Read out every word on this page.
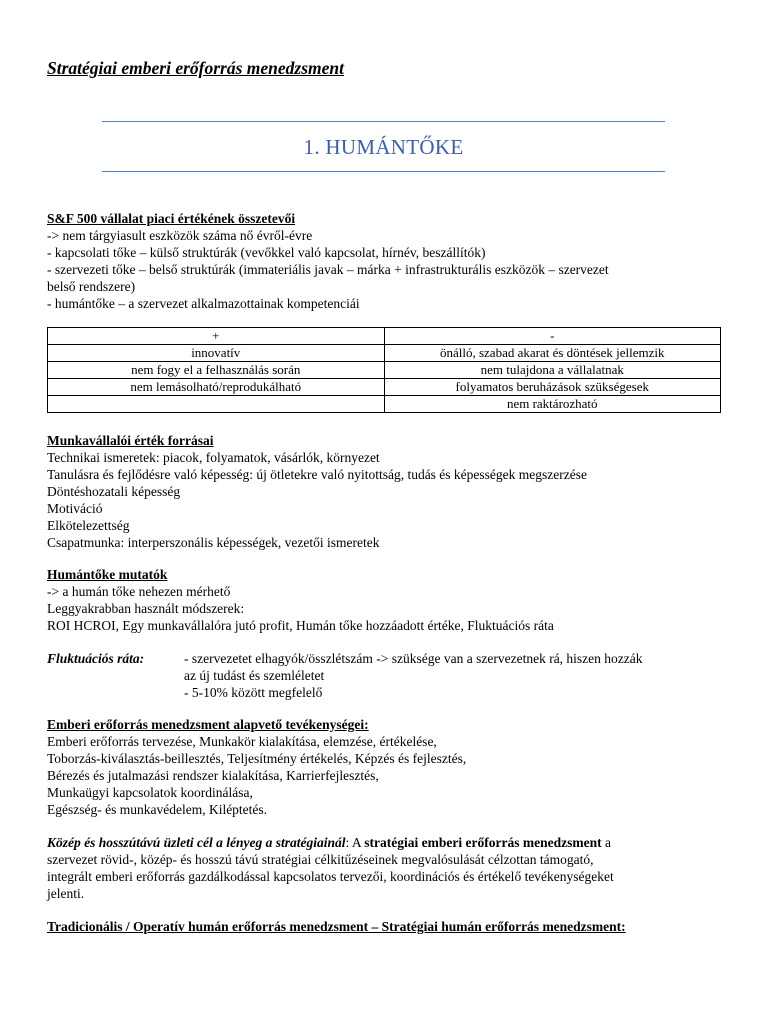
Stratégiai emberi erőforrás menedzsment
1. HUMÁNTŐKE
S&F 500 vállalat piaci értékének összetevői
-> nem tárgyiasult eszközök száma nő évről-évre
- kapcsolati tőke – külső struktúrák (vevőkkel való kapcsolat, hírnév, beszállítók)
- szervezeti tőke – belső struktúrák (immateriális javak – márka + infrastrukturális eszközök – szervezet
belső rendszere)
- humántőke – a szervezet alkalmazottainak kompetenciái
+	-
innovatív	önálló, szabad akarat és döntések jellemzik
nem fogy el a felhasználás során	nem tulajdona a vállalatnak
nem lemásolható/reprodukálható	folyamatos beruházások szükségesek
	nem raktározható
Munkavállalói érték forrásai
Technikai ismeretek: piacok, folyamatok, vásárlók, környezet
Tanulásra és fejlődésre való képesség: új ötletekre való nyitottság, tudás és képességek megszerzése
Döntéshozatali képesség
Motiváció
Elkötelezettség
Csapatmunka: interperszonális képességek, vezetői ismeretek
Humántőke mutatók
-> a humán tőke nehezen mérhető
Leggyakrabban használt módszerek:
ROI HCROI, Egy munkavállalóra jutó profit, Humán tőke hozzáadott értéke, Fluktuációs ráta
Fluktuációs ráta:	- szervezetet elhagyók/összlétszám -> szüksége van a szervezetnek rá, hiszen hozzák
az új tudást és szemléletet
- 5-10% között megfelelő
Emberi erőforrás menedzsment alapvető tevékenységei:
Emberi erőforrás tervezése, Munkakör kialakítása, elemzése, értékelése,
Toborzás-kiválasztás-beillesztés, Teljesítmény értékelés, Képzés és fejlesztés,
Bérezés és jutalmazási rendszer kialakítása, Karrierfejlesztés,
Munkaügyi kapcsolatok koordinálása,
Egészség- és munkavédelem, Kiléptetés.
Közép és hosszútávú üzleti cél a lényeg a stratégiainál: A stratégiai emberi erőforrás menedzsment a
szervezet rövid-, közép- és hosszú távú stratégiai célkitűzéseinek megvalósulását célzottan támogató,
integrált emberi erőforrás gazdálkodással kapcsolatos tervezői, koordinációs és értékelő tevékenységeket
jelenti.
Tradicionális / Operatív humán erőforrás menedzsment – Stratégiai humán erőforrás menedzsment:
